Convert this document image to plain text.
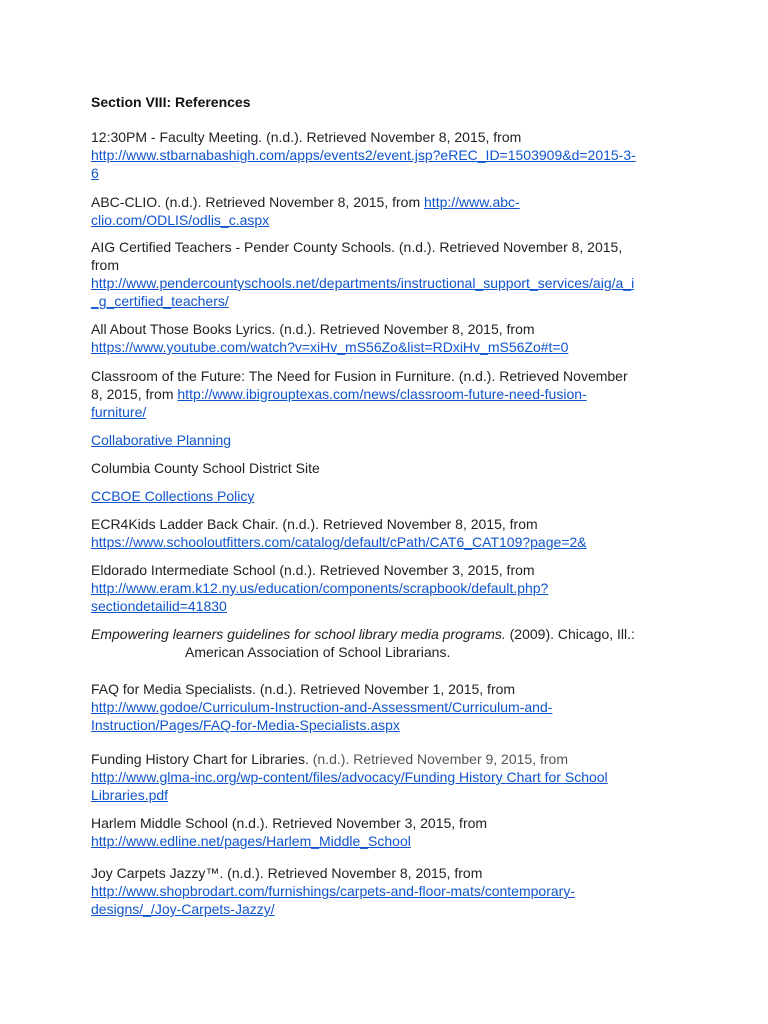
Section VIII: References
12:30PM - Faculty Meeting. (n.d.). Retrieved November 8, 2015, from
http://www.stbarnabashigh.com/apps/events2/event.jsp?eREC_ID=1503909&d=2015-3-
6
ABC-CLIO. (n.d.). Retrieved November 8, 2015, from http://www.abc-
clio.com/ODLIS/odlis_c.aspx
AIG Certified Teachers - Pender County Schools. (n.d.). Retrieved November 8, 2015,
from
http://www.pendercountyschools.net/departments/instructional_support_services/aig/a_i
_g_certified_teachers/
All About Those Books Lyrics. (n.d.). Retrieved November 8, 2015, from
https://www.youtube.com/watch?v=xiHv_mS56Zo&list=RDxiHv_mS56Zo#t=0
Classroom of the Future: The Need for Fusion in Furniture. (n.d.). Retrieved November
8, 2015, from http://www.ibigrouptexas.com/news/classroom-future-need-fusion-
furniture/
Collaborative Planning
Columbia County School District Site
CCBOE Collections Policy
ECR4Kids Ladder Back Chair. (n.d.). Retrieved November 8, 2015, from
https://www.schooloutfitters.com/catalog/default/cPath/CAT6_CAT109?page=2&
Eldorado Intermediate School (n.d.). Retrieved November 3, 2015, from
http://www.eram.k12.ny.us/education/components/scrapbook/default.php?
sectiondetailid=41830
Empowering learners guidelines for school library media programs. (2009). Chicago, Ill.:
American Association of School Librarians.
FAQ for Media Specialists. (n.d.). Retrieved November 1, 2015, from
http://www.godoe/Curriculum-Instruction-and-Assessment/Curriculum-and-
Instruction/Pages/FAQ-for-Media-Specialists.aspx
Funding History Chart for Libraries. (n.d.). Retrieved November 9, 2015, from
http://www.glma-inc.org/wp-content/files/advocacy/Funding History Chart for School
Libraries.pdf
Harlem Middle School (n.d.). Retrieved November 3, 2015, from
http://www.edline.net/pages/Harlem_Middle_School
Joy Carpets Jazzy™. (n.d.). Retrieved November 8, 2015, from
http://www.shopbrodart.com/furnishings/carpets-and-floor-mats/contemporary-
designs/_/Joy-Carpets-Jazzy/
